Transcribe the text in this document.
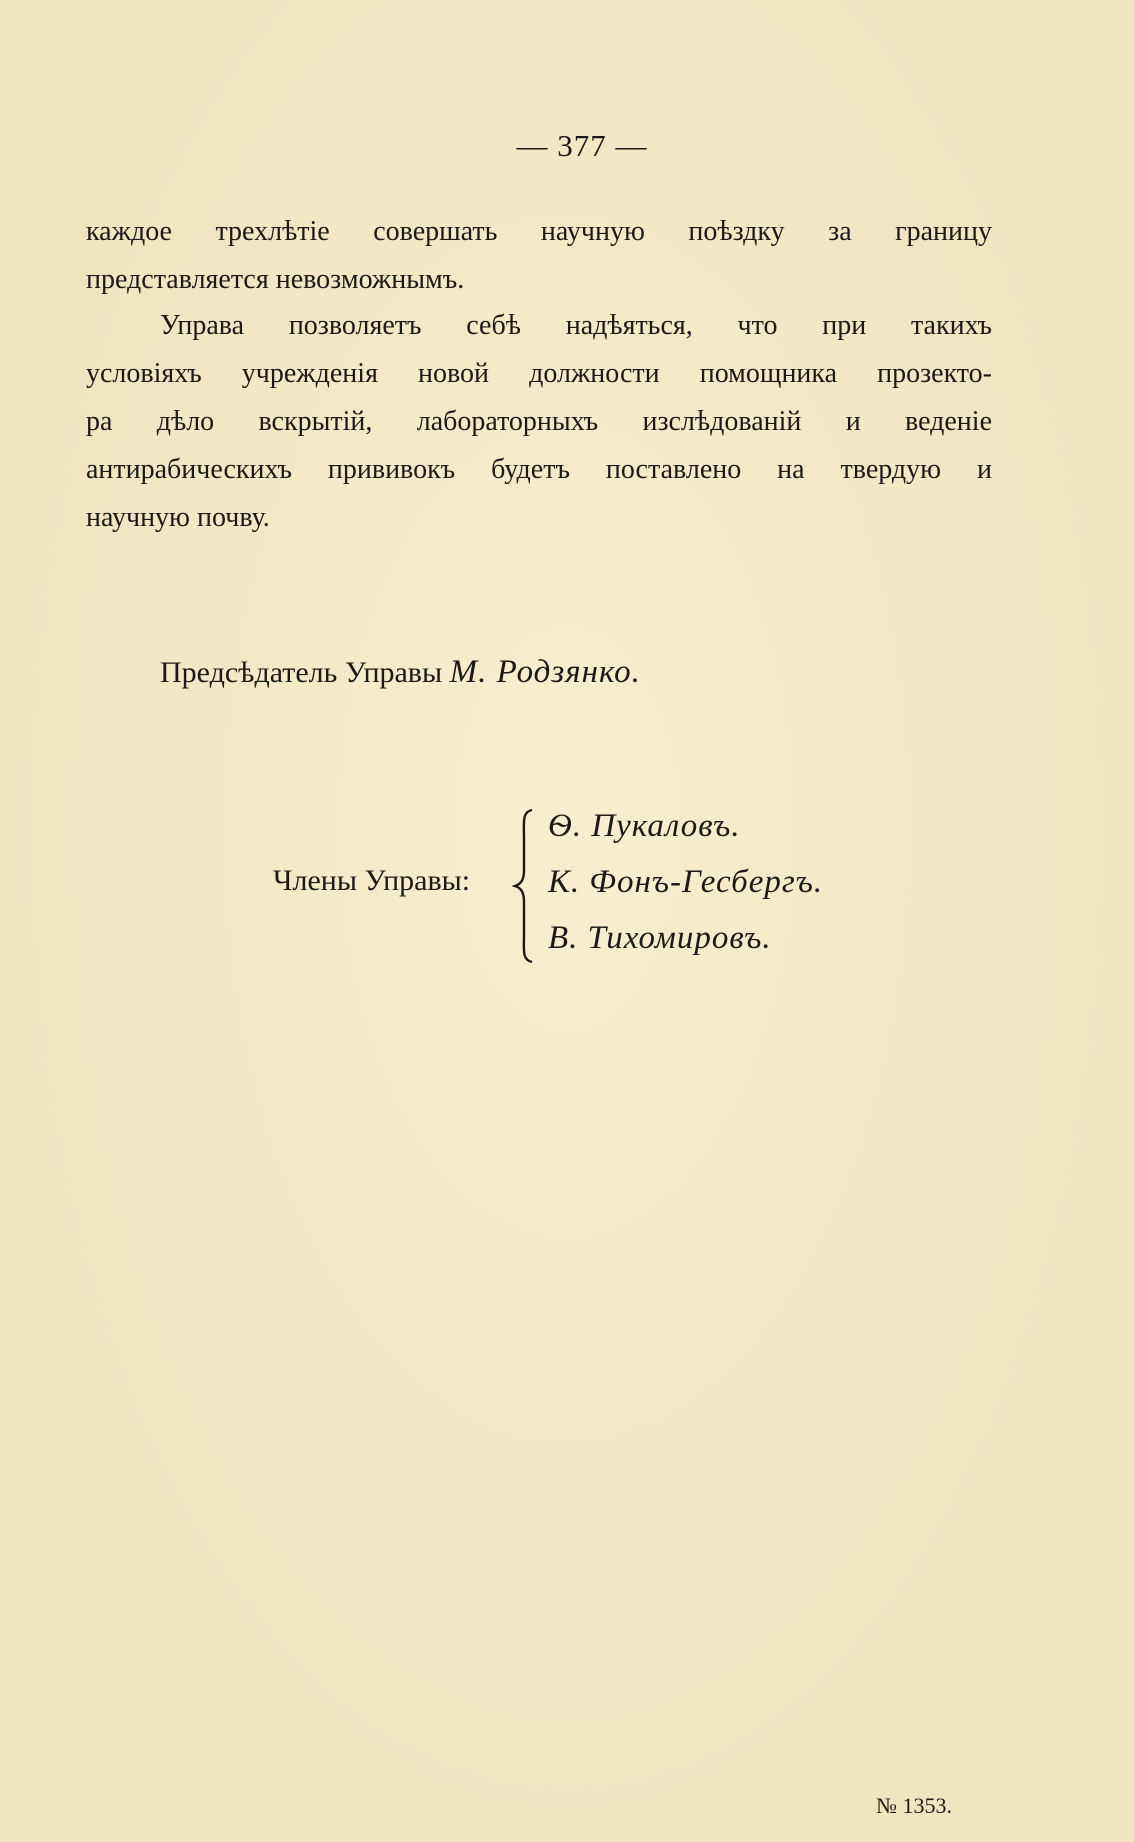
— 377 —
каждое трехлѣтіе совершать научную поѣздку за границу
представляется невозможнымъ.
Управа позволяетъ себѣ надѣяться, что при такихъ
условіяхъ учрежденія новой должности помощника прозекто-
ра дѣло вскрытій, лабораторныхъ изслѣдованій и веденіе
антирабическихъ прививокъ будетъ поставлено на твердую и
научную почву.
Предсѣдатель Управы М. Родзянко.
Члены Управы:
Ѳ. Пукаловъ.
К. Фонъ-Гесбергъ.
В. Тихомировъ.
№ 1353.
